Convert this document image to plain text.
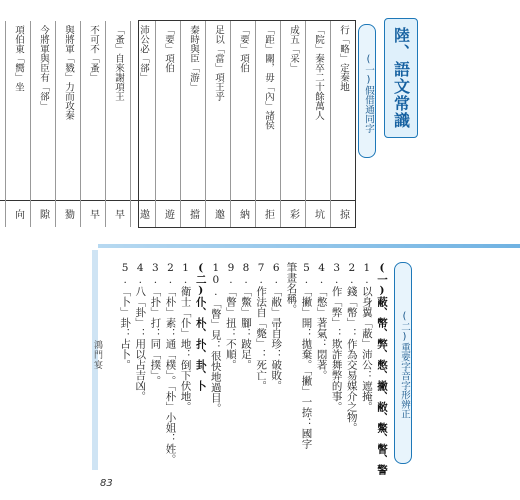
鴻門宴
83
陸、語文常識
(一)假借通同字
行「略」定秦地
掠
「院」秦卒二十餘萬人
坑
成五「采」
彩
「距」關，毋「內」諸侯
拒
「要」項伯
納
足以「當」項王乎
邀
秦時與臣「游」
擋
「要」項伯
遊
沛公必「郤」
遨
「蚤」自來謝項王
早
不可不「蚤」
早
與將軍「戮」力而攻秦
勠
今將軍與臣有「郤」
隙
項伯東「嚮」坐
向
(二)重要字音字形辨正
(一)蔽、幣、弊、憋、撇、敝、鱉、瞥、警
1.以身翼「蔽」沛公：遮掩。
2.錢「幣」：作為交易媒介之物。
3.作「弊」：欺詐舞弊的事。
4.「憋」著氣：悶著。
5.「撇」開：拋棄。「撇」一捺：國字
筆畫名稱。
6.「敝」帚自珍：破敗。
7.作法自「斃」：死亡。
8.「鱉」腳：跛足。
9.「瞥」扭：不順。
10.「瞥」見：很快地過目。
(二)仆、朴、扑、卦、卜
1.衛士「仆」地：倒下伏地。
2.「朴」素：通「樸」。「朴」小姐：姓。
3.「扑」打：同「撲」。
4.八「卦」：用以占吉凶。
5.「卜」卦：占卜。
